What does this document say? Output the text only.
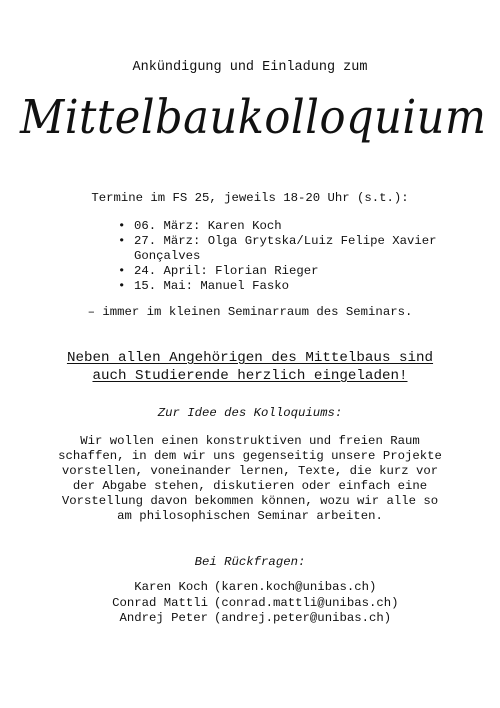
Ankündigung und Einladung zum
Mittelbaukolloquium
Termine im FS 25, jeweils 18-20 Uhr (s.t.):
• 06. März: Karen Koch
• 27. März: Olga Grytska/Luiz Felipe Xavier Gonçalves
• 24. April: Florian Rieger
• 15. Mai: Manuel Fasko
– immer im kleinen Seminarraum des Seminars.
Neben allen Angehörigen des Mittelbaus sind
auch Studierende herzlich eingeladen!
Zur Idee des Kolloquiums:
Wir wollen einen konstruktiven und freien Raum
schaffen, in dem wir uns gegenseitig unsere Projekte
vorstellen, voneinander lernen, Texte, die kurz vor
der Abgabe stehen, diskutieren oder einfach eine
Vorstellung davon bekommen können, wozu wir alle so
am philosophischen Seminar arbeiten.
Bei Rückfragen:
Karen Koch (karen.koch@unibas.ch)
Conrad Mattli (conrad.mattli@unibas.ch)
Andrej Peter (andrej.peter@unibas.ch)
